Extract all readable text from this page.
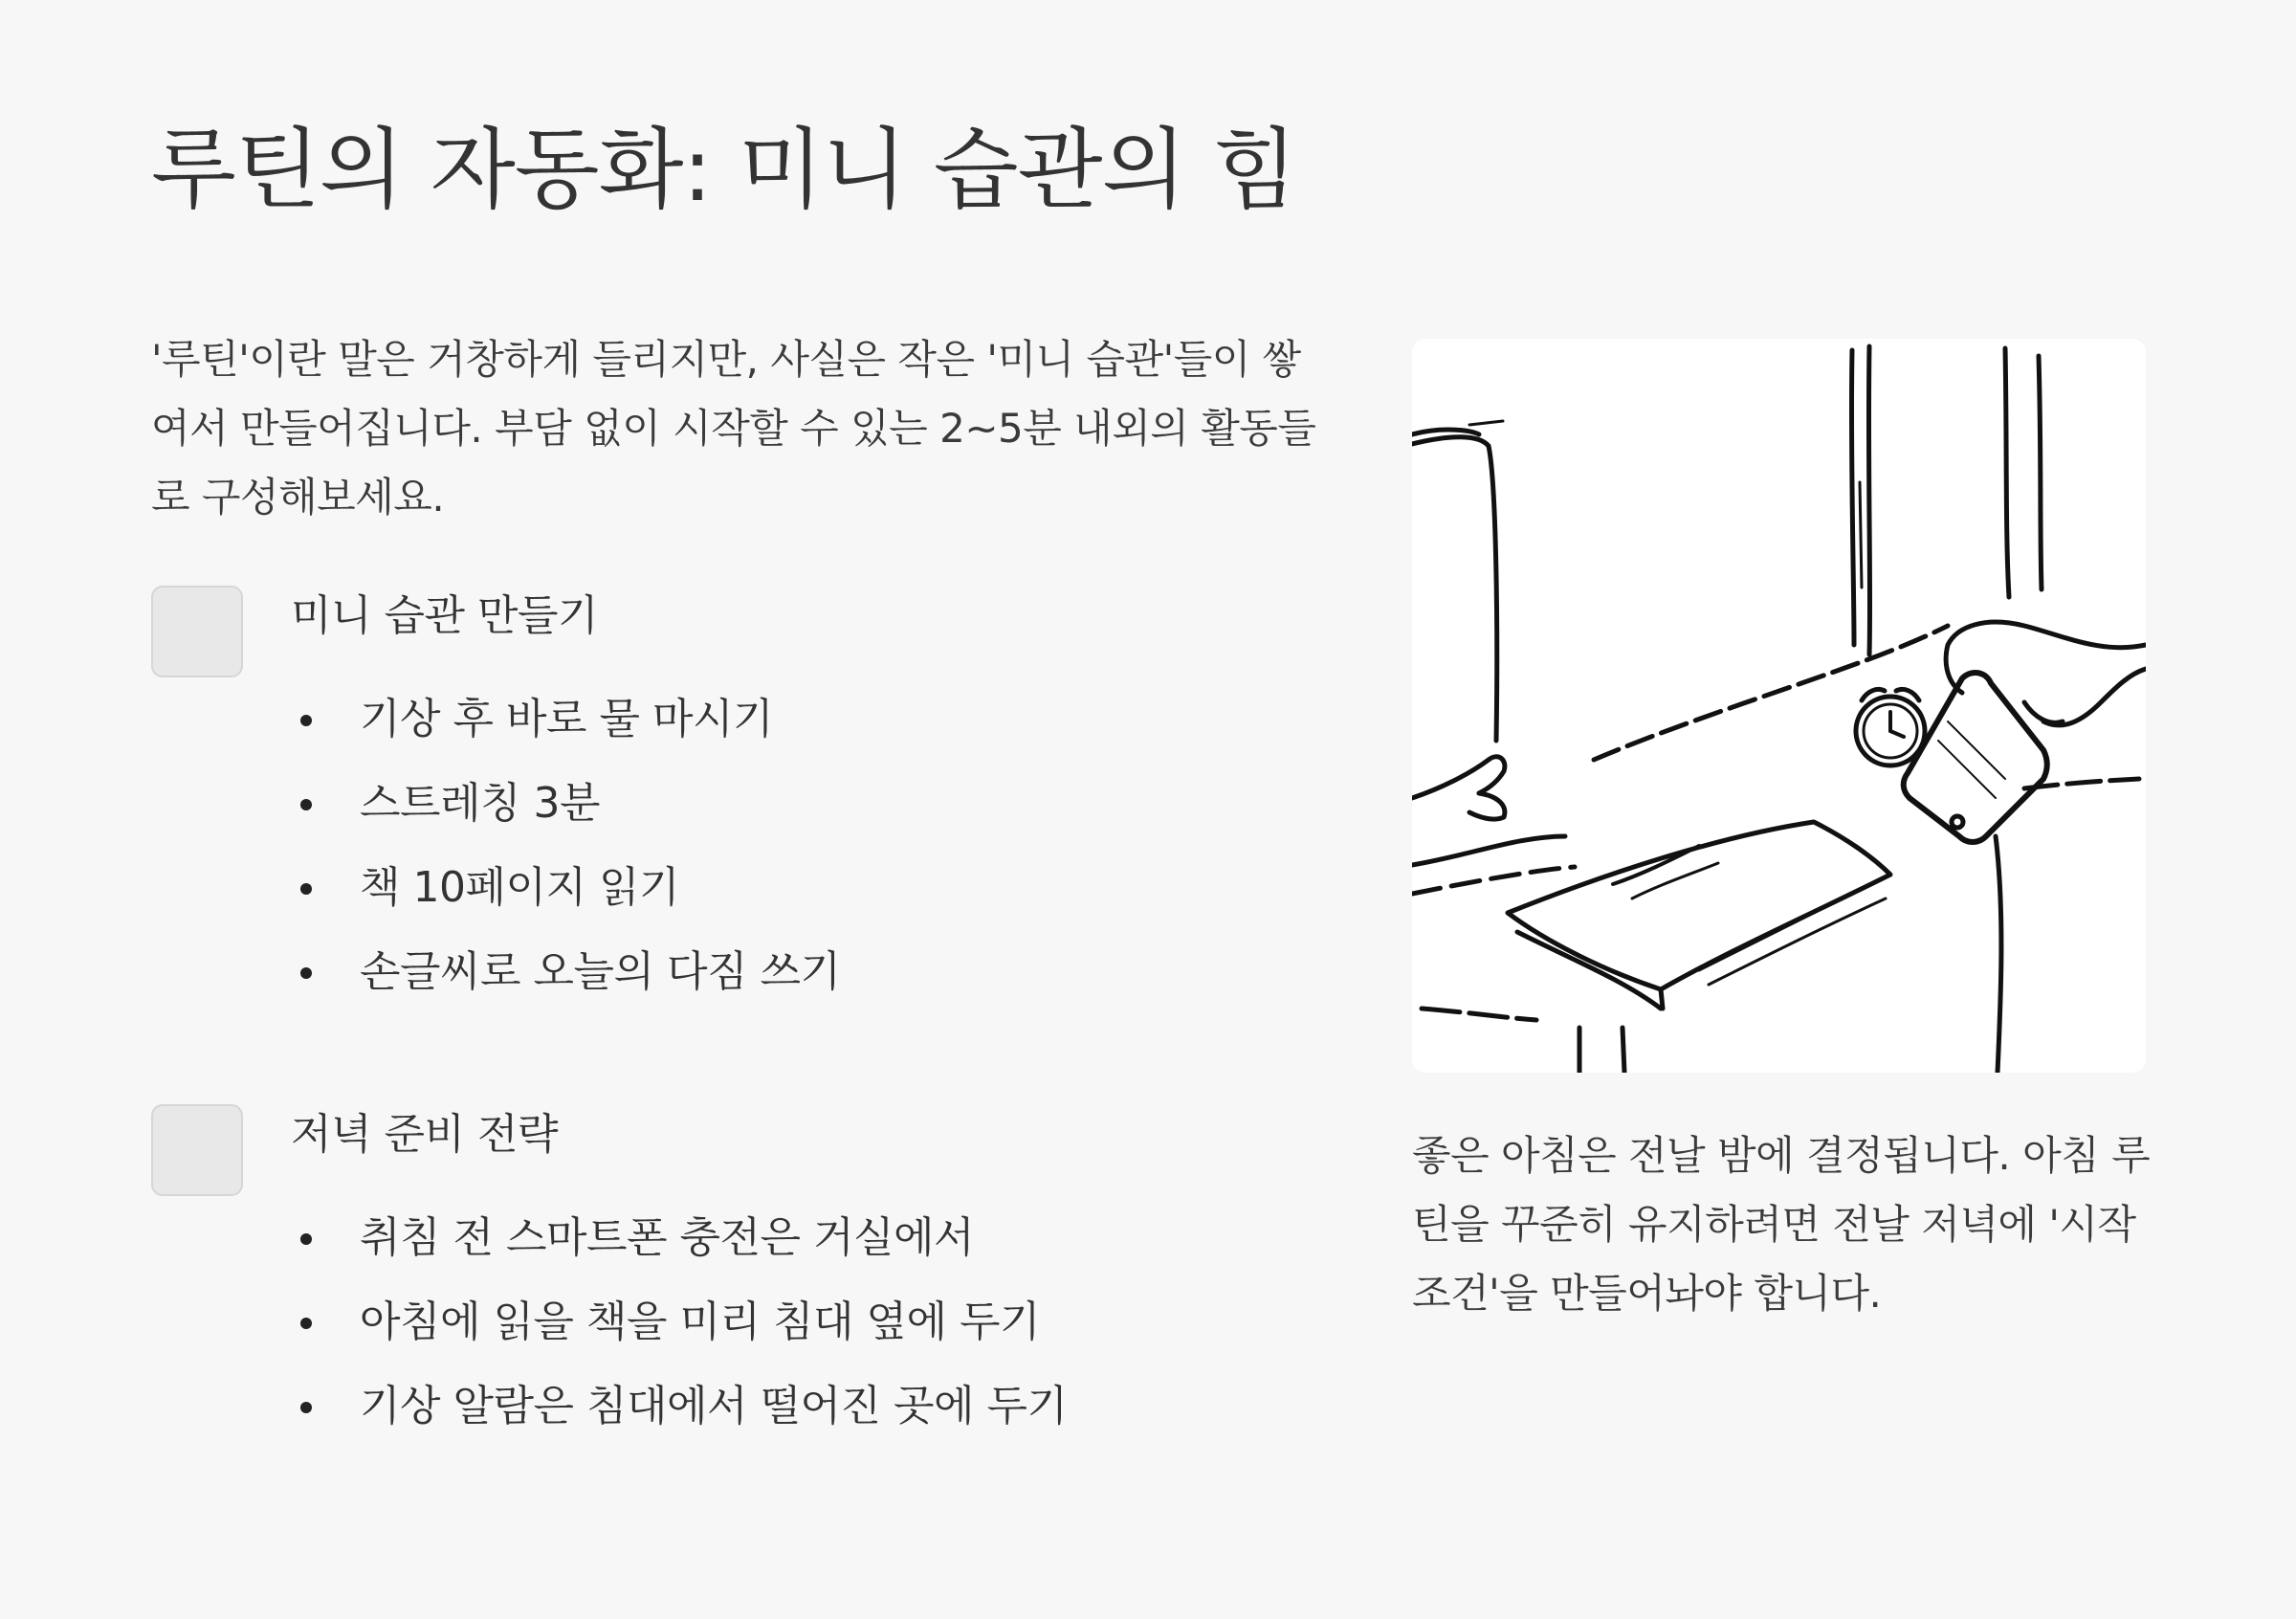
루틴의 자동화: 미니 습관의 힘

'루틴'이란 말은 거창하게 들리지만, 사실은 작은 '미니 습관'들이 쌓여서 만들어집니다. 부담 없이 시작할 수 있는 2~5분 내외의 활동들로 구성해보세요.

미니 습관 만들기
기상 후 바로 물 마시기
스트레칭 3분
책 10페이지 읽기
손글씨로 오늘의 다짐 쓰기
저녁 준비 전략
취침 전 스마트폰 충전은 거실에서
아침에 읽을 책을 미리 침대 옆에 두기
기상 알람은 침대에서 떨어진 곳에 두기

좋은 아침은 전날 밤에 결정됩니다. 아침 루틴을 꾸준히 유지하려면 전날 저녁에 '시작 조건'을 만들어놔야 합니다.
